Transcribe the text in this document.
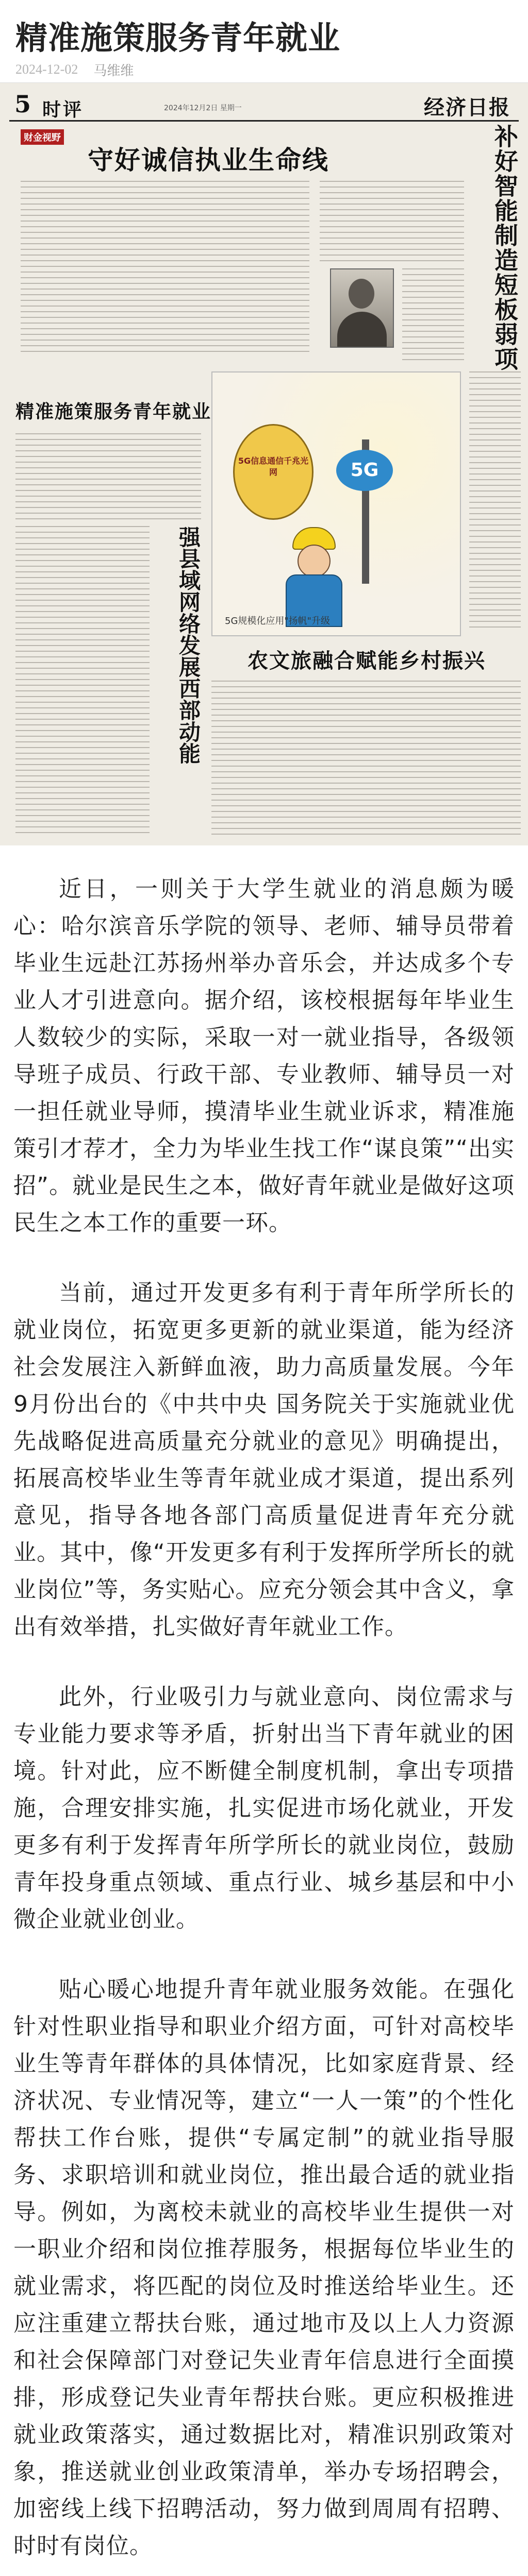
精准施策服务青年就业
2024-12-02 马维维
5 时评	2024年12月2日 星期一	经济日报
财金视野
守好诚信执业生命线	补好智能制造短板弱项
精准施策服务青年就业
强县域网络发展西部动能
5G信息通信千兆光网	5G
5G规模化应用"扬帆"升级
农文旅融合赋能乡村振兴

近日，一则关于大学生就业的消息颇为暖心：哈尔滨音乐学院的领导、老师、辅导员带着毕业生远赴江苏扬州举办音乐会，并达成多个专业人才引进意向。据介绍，该校根据每年毕业生人数较少的实际，采取一对一就业指导，各级领导班子成员、行政干部、专业教师、辅导员一对一担任就业导师，摸清毕业生就业诉求，精准施策引才荐才，全力为毕业生找工作“谋良策”“出实招”。就业是民生之本，做好青年就业是做好这项民生之本工作的重要一环。

当前，通过开发更多有利于青年所学所长的就业岗位，拓宽更多更新的就业渠道，能为经济社会发展注入新鲜血液，助力高质量发展。今年9月份出台的《中共中央 国务院关于实施就业优先战略促进高质量充分就业的意见》明确提出，拓展高校毕业生等青年就业成才渠道，提出系列意见，指导各地各部门高质量促进青年充分就业。其中，像“开发更多有利于发挥所学所长的就业岗位”等，务实贴心。应充分领会其中含义，拿出有效举措，扎实做好青年就业工作。

此外，行业吸引力与就业意向、岗位需求与专业能力要求等矛盾，折射出当下青年就业的困境。针对此，应不断健全制度机制，拿出专项措施，合理安排实施，扎实促进市场化就业，开发更多有利于发挥青年所学所长的就业岗位，鼓励青年投身重点领域、重点行业、城乡基层和中小微企业就业创业。

贴心暖心地提升青年就业服务效能。在强化针对性职业指导和职业介绍方面，可针对高校毕业生等青年群体的具体情况，比如家庭背景、经济状况、专业情况等，建立“一人一策”的个性化帮扶工作台账，提供“专属定制”的就业指导服务、求职培训和就业岗位，推出最合适的就业指导。例如，为离校未就业的高校毕业生提供一对一职业介绍和岗位推荐服务，根据每位毕业生的就业需求，将匹配的岗位及时推送给毕业生。还应注重建立帮扶台账，通过地市及以上人力资源和社会保障部门对登记失业青年信息进行全面摸排，形成登记失业青年帮扶台账。更应积极推进就业政策落实，通过数据比对，精准识别政策对象，推送就业创业政策清单，举办专场招聘会，加密线上线下招聘活动，努力做到周周有招聘、时时有岗位。
